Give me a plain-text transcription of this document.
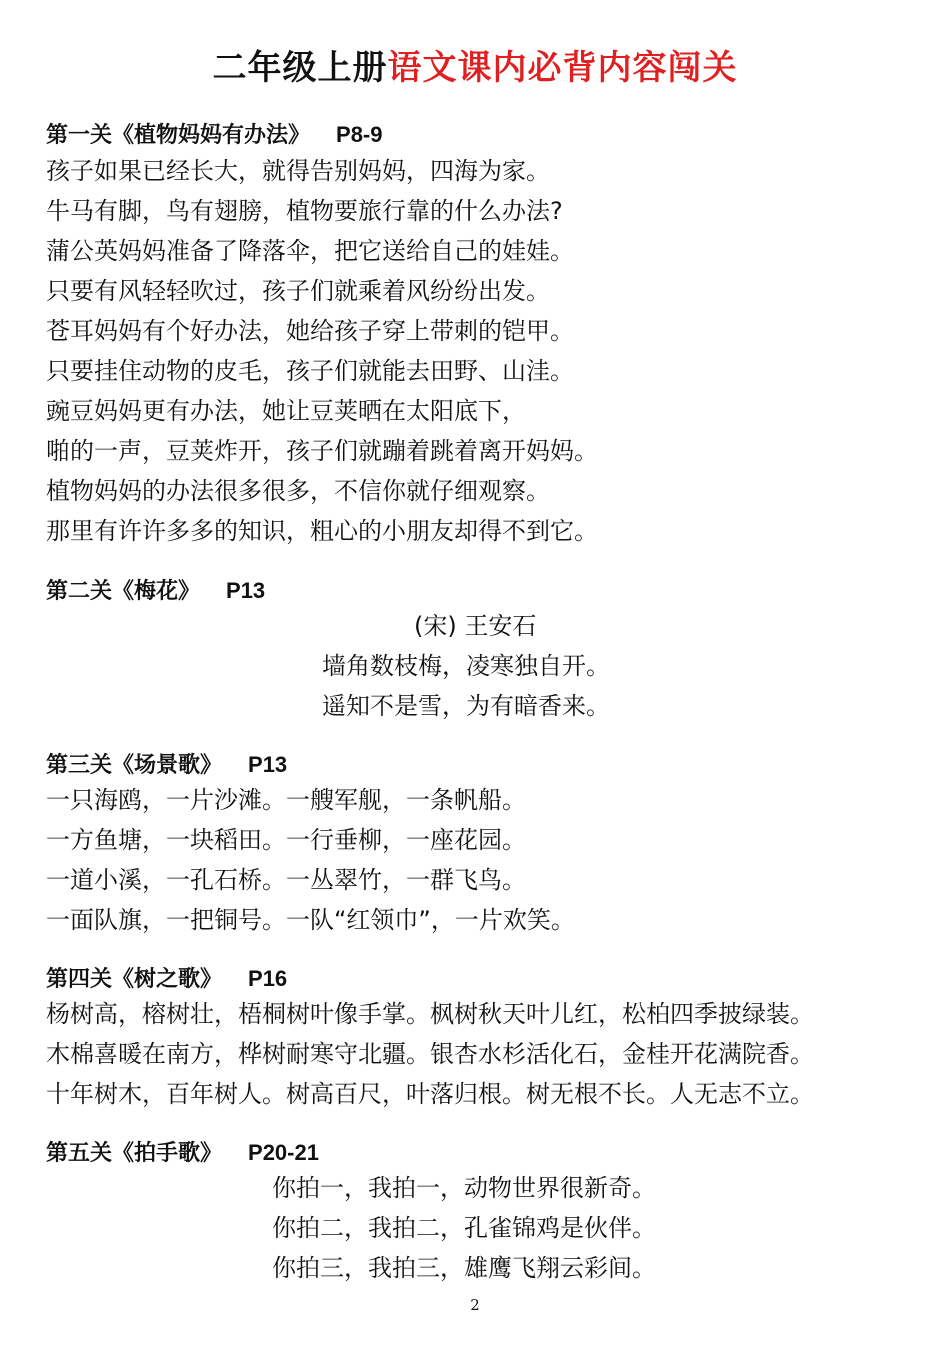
二年级上册语文课内必背内容闯关
第一关《植物妈妈有办法》 P8-9
孩子如果已经长大，就得告别妈妈，四海为家。
牛马有脚，鸟有翅膀，植物要旅行靠的什么办法?
蒲公英妈妈准备了降落伞，把它送给自己的娃娃。
只要有风轻轻吹过，孩子们就乘着风纷纷出发。
苍耳妈妈有个好办法，她给孩子穿上带刺的铠甲。
只要挂住动物的皮毛，孩子们就能去田野、山洼。
豌豆妈妈更有办法，她让豆荚晒在太阳底下，
啪的一声，豆荚炸开，孩子们就蹦着跳着离开妈妈。
植物妈妈的办法很多很多，不信你就仔细观察。
那里有许许多多的知识，粗心的小朋友却得不到它。
第二关《梅花》 P13
(宋) 王安石
墙角数枝梅，凌寒独自开。
遥知不是雪，为有暗香来。
第三关《场景歌》 P13
一只海鸥，一片沙滩。一艘军舰，一条帆船。
一方鱼塘，一块稻田。一行垂柳，一座花园。
一道小溪，一孔石桥。一丛翠竹，一群飞鸟。
一面队旗，一把铜号。一队“红领巾”，一片欢笑。
第四关《树之歌》 P16
杨树高，榕树壮，梧桐树叶像手掌。枫树秋天叶儿红，松柏四季披绿装。
木棉喜暖在南方，桦树耐寒守北疆。银杏水杉活化石，金桂开花满院香。
十年树木，百年树人。树高百尺，叶落归根。树无根不长。人无志不立。
第五关《拍手歌》 P20-21
你拍一，我拍一，动物世界很新奇。
你拍二，我拍二，孔雀锦鸡是伙伴。
你拍三，我拍三，雄鹰飞翔云彩间。
2
